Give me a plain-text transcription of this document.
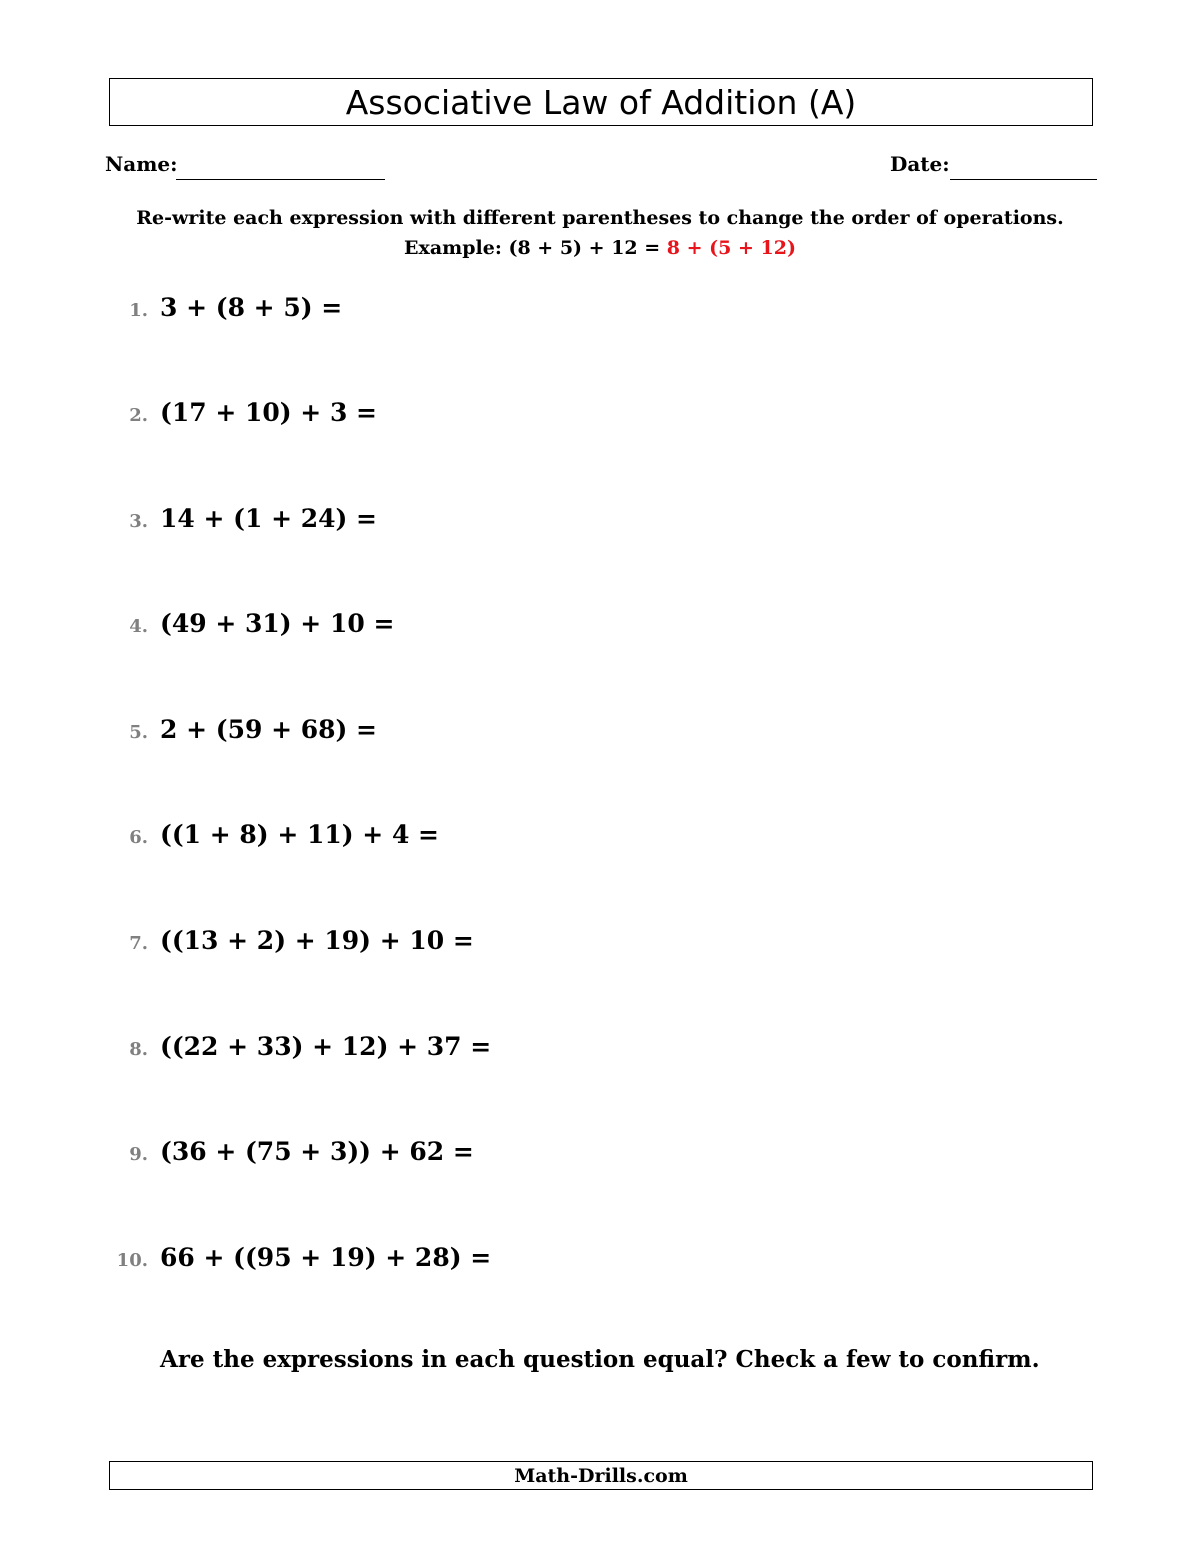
Associative Law of Addition (A)
Name:	Date:
Re-write each expression with different parentheses to change the order of operations.
Example: (8 + 5) + 12 = 8 + (5 + 12)
1. 3 + (8 + 5) =
2. (17 + 10) + 3 =
3. 14 + (1 + 24) =
4. (49 + 31) + 10 =
5. 2 + (59 + 68) =
6. ((1 + 8) + 11) + 4 =
7. ((13 + 2) + 19) + 10 =
8. ((22 + 33) + 12) + 37 =
9. (36 + (75 + 3)) + 62 =
10. 66 + ((95 + 19) + 28) =
Are the expressions in each question equal? Check a few to confirm.
Math-Drills.com
